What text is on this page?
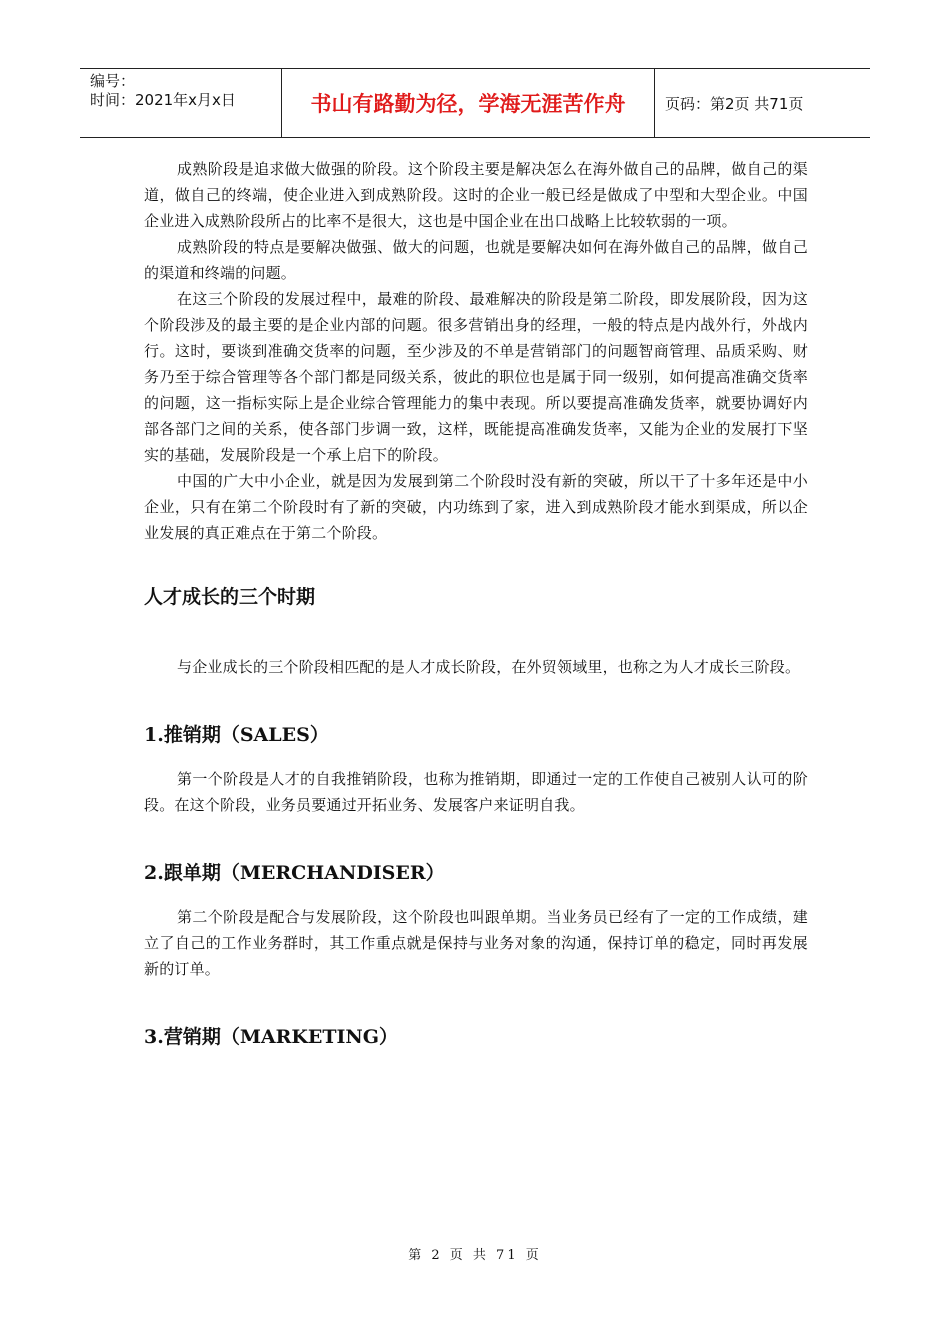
编号：
时间：2021年x月x日	书山有路勤为径，学海无涯苦作舟	页码：第2页 共71页

成熟阶段是追求做大做强的阶段。这个阶段主要是解决怎么在海外做自己的品牌，做自己的渠道，做自己的终端，使企业进入到成熟阶段。这时的企业一般已经是做成了中型和大型企业。中国企业进入成熟阶段所占的比率不是很大，这也是中国企业在出口战略上比较软弱的一项。

成熟阶段的特点是要解决做强、做大的问题，也就是要解决如何在海外做自己的品牌，做自己的渠道和终端的问题。

在这三个阶段的发展过程中，最难的阶段、最难解决的阶段是第二阶段，即发展阶段，因为这个阶段涉及的最主要的是企业内部的问题。很多营销出身的经理，一般的特点是内战外行，外战内行。这时，要谈到准确交货率的问题，至少涉及的不单是营销部门的问题智商管理、品质采购、财务乃至于综合管理等各个部门都是同级关系，彼此的职位也是属于同一级别，如何提高准确交货率的问题，这一指标实际上是企业综合管理能力的集中表现。所以要提高准确发货率，就要协调好内部各部门之间的关系，使各部门步调一致，这样，既能提高准确发货率，又能为企业的发展打下坚实的基础，发展阶段是一个承上启下的阶段。

中国的广大中小企业，就是因为发展到第二个阶段时没有新的突破，所以干了十多年还是中小企业，只有在第二个阶段时有了新的突破，内功练到了家，进入到成熟阶段才能水到渠成，所以企业发展的真正难点在于第二个阶段。

人才成长的三个时期

与企业成长的三个阶段相匹配的是人才成长阶段，在外贸领域里，也称之为人才成长三阶段。

1.推销期（SALES）

第一个阶段是人才的自我推销阶段，也称为推销期，即通过一定的工作使自己被别人认可的阶段。在这个阶段，业务员要通过开拓业务、发展客户来证明自我。

2.跟单期（MERCHANDISER）

第二个阶段是配合与发展阶段，这个阶段也叫跟单期。当业务员已经有了一定的工作成绩，建立了自己的工作业务群时，其工作重点就是保持与业务对象的沟通，保持订单的稳定，同时再发展新的订单。

3.营销期（MARKETING）
第 2 页 共 71 页
